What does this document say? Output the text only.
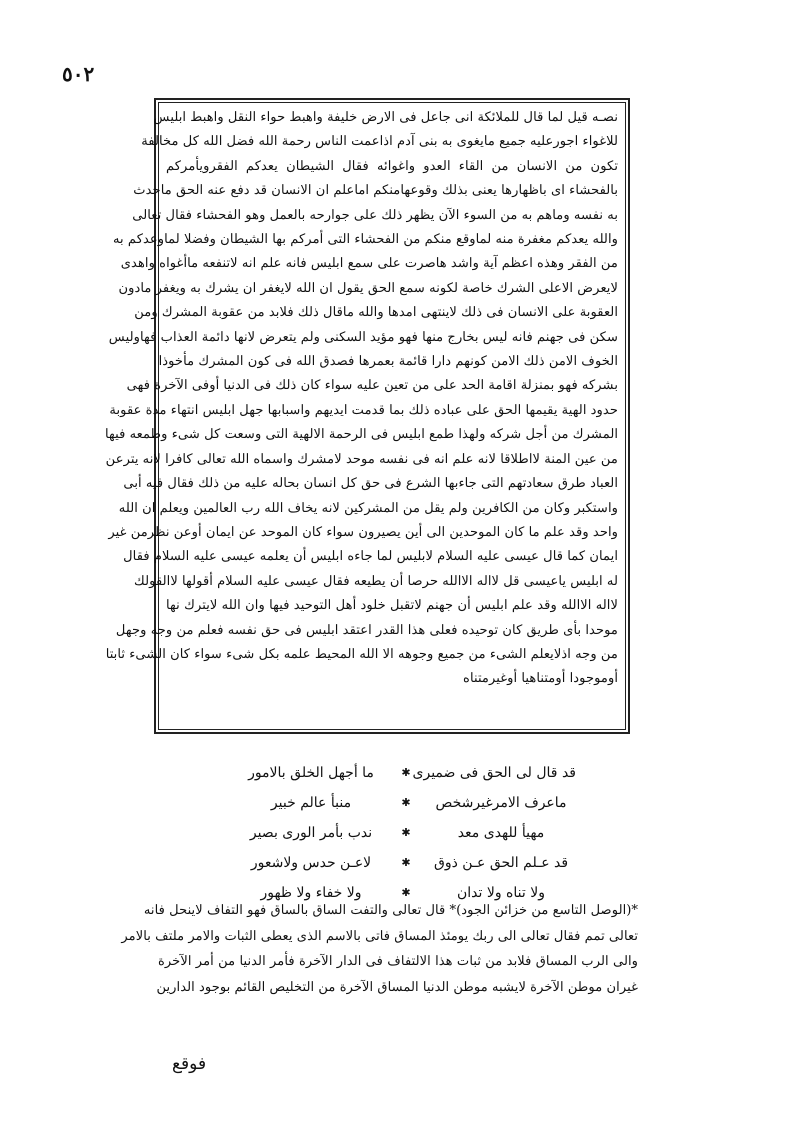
٥٠٢
نصـه قيل لما قال للملائكة انى جاعل فى الارض خليفة واهبط حواء النقل واهبط ابليس
للاغواء اجورعليه جميع مايغوى به بنى آدم اذاعمت الناس رحمة الله فضل الله كل مخالفة
تكون من الانسان من القاء العدو واغوائه فقال الشيطان يعدكم الفقرويأمركم
بالفحشاء اى باظهارها يعنى بذلك وقوعهامنكم اماعلم ان الانسان قد دفع عنه الحق ماحدث
به نفسه وماهم به من السوء الآن يظهر ذلك على جوارحه بالعمل وهو الفحشاء فقال تعالى
والله يعدكم مغفرة منه لماوقع منكم من الفحشاء التى أمركم بها الشيطان وفضلا لماوعدكم به
من الفقر وهذه اعظم آية واشد هاصرت على سمع ابليس فانه علم انه لاتنفعه ماأغواه واهدى
لايعرض الاعلى الشرك خاصة لكونه سمع الحق يقول ان الله لايغفر ان يشرك به ويغفر مادون
العقوبة على الانسان فى ذلك لاينتهى امدها والله ماقال ذلك فلابد من عقوبة المشرك ومن
سكن فى جهنم فانه ليس بخارج منها فهو مؤيد السكنى ولم يتعرض لانها دائمة العذاب فهاوليس
الخوف الامن ذلك الامن كونهم دارا قائمة بعمرها فصدق الله فى كون المشرك مأخوذا
بشركه فهو بمنزلة اقامة الحد على من تعين عليه سواء كان ذلك فى الدنيا أوفى الآخرة فهى
حدود الهية يقيمها الحق على عباده ذلك بما قدمت ايديهم واسبابها جهل ابليس انتهاء مدة عقوبة
المشرك من أجل شركه ولهذا طمع ابليس فى الرحمة الالهية التى وسعت كل شىء وطمعه فيها
من عين المنة لااطلاقا لانه علم انه فى نفسه موحد لامشرك واسماه الله تعالى كافرا لانه يترعن
العباد طرق سعادتهم التى جاءبها الشرع فى حق كل انسان بحاله عليه من ذلك فقال فيه أبى
واستكبر وكان من الكافرين ولم يقل من المشركين لانه يخاف الله رب العالمين ويعلم ان الله
واحد وقد علم ما كان الموحدين الى أين يصيرون سواء كان الموحد عن ايمان أوعن نظرمن غير
ايمان كما قال عيسى عليه السلام لابليس لما جاءه ابليس أن يعلمه عيسى عليه السلام فقال
له ابليس ياعيسى قل لااله الاالله حرصا أن يطيعه فقال عيسى عليه السلام أقولها لاالقولك
لااله الاالله وقد علم ابليس أن جهنم لاتقبل خلود أهل التوحيد فيها وان الله لايترك نها
موحدا بأى طريق كان توحيده فعلى هذا القدر اعتقد ابليس فى حق نفسه فعلم من وجه وجهل
من وجه اذلايعلم الشىء من جميع وجوهه الا الله المحيط علمه بكل شىء سواء كان الشىء ثابتا
أوموجودا أومتناهيا أوغيرمتناه
قد قال لى الحق فى ضميرى
✱
ما أجهل الخلق بالامور
ماعرف الامرغيرشخص
✱
منبأ عالم خبير
مهيأ للهدى معد
✱
ندب بأمر الورى بصير
قد عـلم الحق عـن ذوق
✱
لاعـن حدس ولاشعور
ولا تناه ولا تدان
✱
ولا خفاء ولا ظهور
*(الوصل التاسع من خزائن الجود)* قال تعالى والتفت الساق بالساق فهو التفاف لاينحل فانه
تعالى تمم فقال تعالى الى ربك يومئذ المساق فاتى بالاسم الذى يعطى الثبات والامر ملتف بالامر
والى الرب المساق فلابد من ثبات هذا الالتفاف فى الدار الآخرة فأمر الدنيا من أمر الآخرة
غيران موطن الآخرة لايشبه موطن الدنيا المساق الآخرة من التخليص القائم بوجود الدارين
فوقع
